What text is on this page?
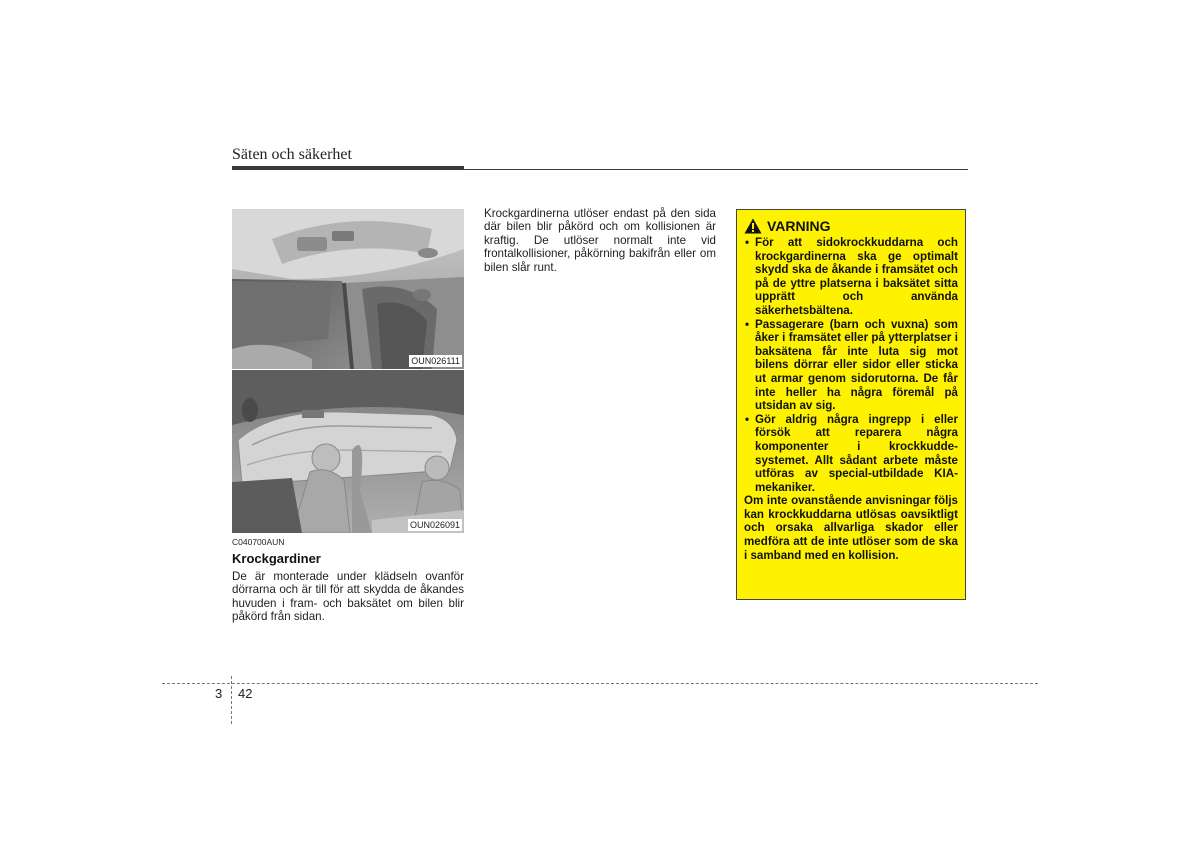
Säten och säkerhet
OUN026111
OUN026091
C040700AUN
Krockgardiner

De är monterade under klädseln ovanför dörrarna och är till för att skydda de åkandes huvuden i fram- och baksätet om bilen blir påkörd från sidan.

Krockgardinerna utlöser endast på den sida där bilen blir påkörd och om kollisionen är kraftig. De utlöser normalt inte vid frontalkollisioner, påkörning bakifrån eller om bilen slår runt.

VARNING
• För att sidokrockkuddarna och krockgardinerna ska ge optimalt skydd ska de åkande i framsätet och på de yttre platserna i baksätet sitta upprätt och använda säkerhetsbältena.
• Passagerare (barn och vuxna) som åker i framsätet eller på ytterplatser i baksätena får inte luta sig mot bilens dörrar eller sidor eller sticka ut armar genom sidorutorna. De får inte heller ha några föremål på utsidan av sig.
• Gör aldrig några ingrepp i eller försök att reparera några komponenter i krockkudde-systemet. Allt sådant arbete måste utföras av special-utbildade KIA-mekaniker.

Om inte ovanstående anvisningar följs kan krockkuddarna utlösas oavsiktligt och orsaka allvarliga skador eller medföra att de inte utlöser som de ska i samband med en kollision.

3 42
